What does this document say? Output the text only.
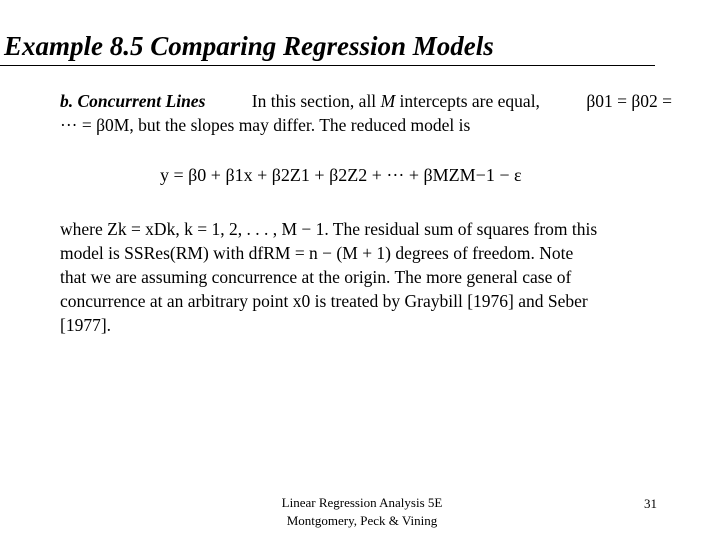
Example 8.5 Comparing Regression Models
b. Concurrent Lines	In this section, all M intercepts are equal,	β01 = β02 =
··· = β0M, but the slopes may differ. The reduced model is
y = β0 + β1x + β2Z1 + β2Z2 + ··· + βMZM−1 − ε
where Zk = xDk, k = 1, 2, . . . , M − 1. The residual sum of squares from this
model is SSRes(RM) with dfRM = n − (M + 1) degrees of freedom. Note
that we are assuming concurrence at the origin. The more general case of
concurrence at an arbitrary point x0 is treated by Graybill [1976] and Seber
[1977].
Linear Regression Analysis 5E
Montgomery, Peck & Vining
31
